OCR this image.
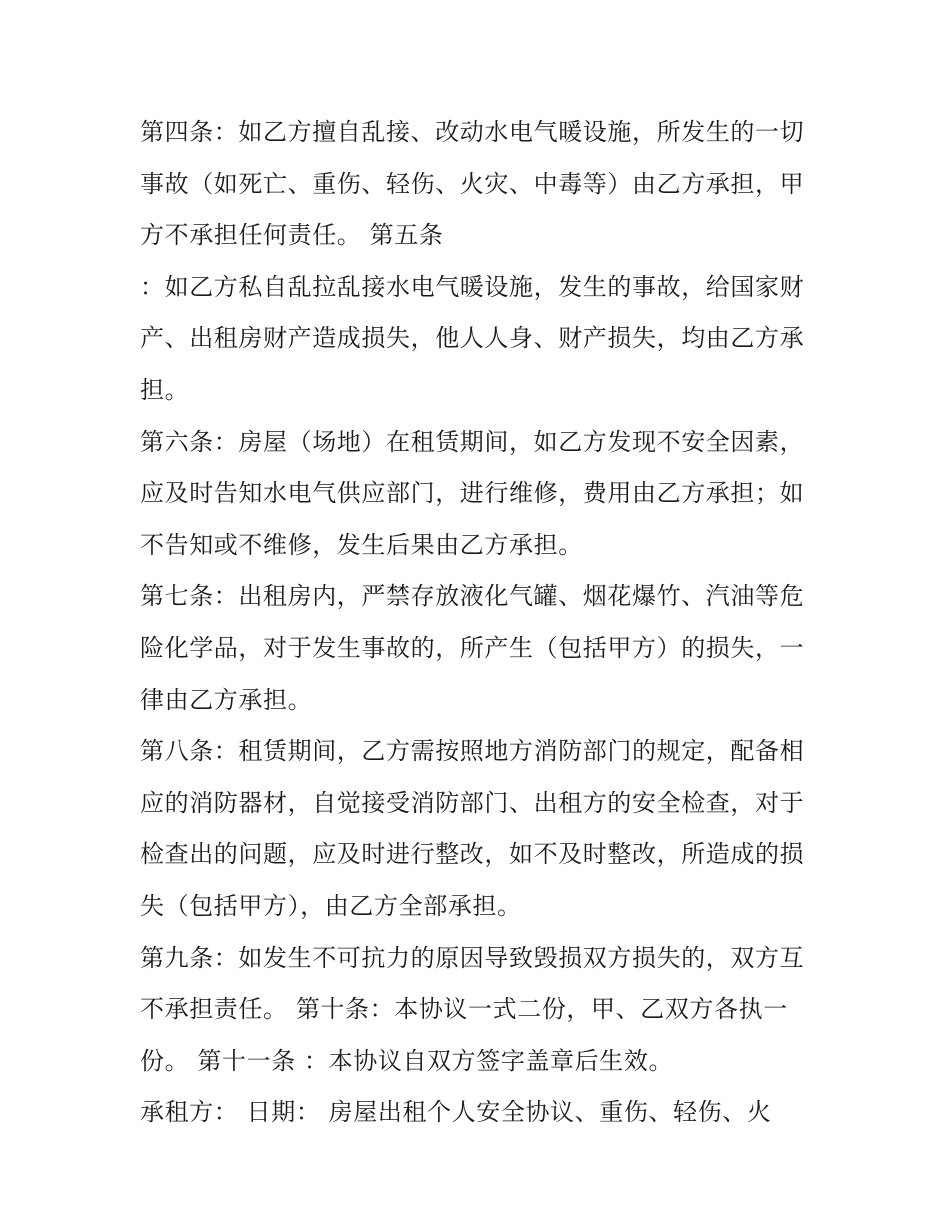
第四条：如乙方擅自乱接、改动水电气暖设施，所发生的一切
事故（如死亡、重伤、轻伤、火灾、中毒等）由乙方承担，甲
方不承担任何责任。 第五条
：如乙方私自乱拉乱接水电气暖设施，发生的事故，给国家财
产、出租房财产造成损失，他人人身、财产损失，均由乙方承
担。
第六条：房屋（场地）在租赁期间，如乙方发现不安全因素，
应及时告知水电气供应部门，进行维修，费用由乙方承担；如
不告知或不维修，发生后果由乙方承担。
第七条：出租房内，严禁存放液化气罐、烟花爆竹、汽油等危
险化学品，对于发生事故的，所产生（包括甲方）的损失，一
律由乙方承担。
第八条：租赁期间，乙方需按照地方消防部门的规定，配备相
应的消防器材，自觉接受消防部门、出租方的安全检查，对于
检查出的问题，应及时进行整改，如不及时整改，所造成的损
失（包括甲方），由乙方全部承担。
第九条：如发生不可抗力的原因导致毁损双方损失的，双方互
不承担责任。 第十条：本协议一式二份，甲、乙双方各执一
份。 第十一条 ：本协议自双方签字盖章后生效。
承租方： 日期： 房屋出租个人安全协议、重伤、轻伤、火
